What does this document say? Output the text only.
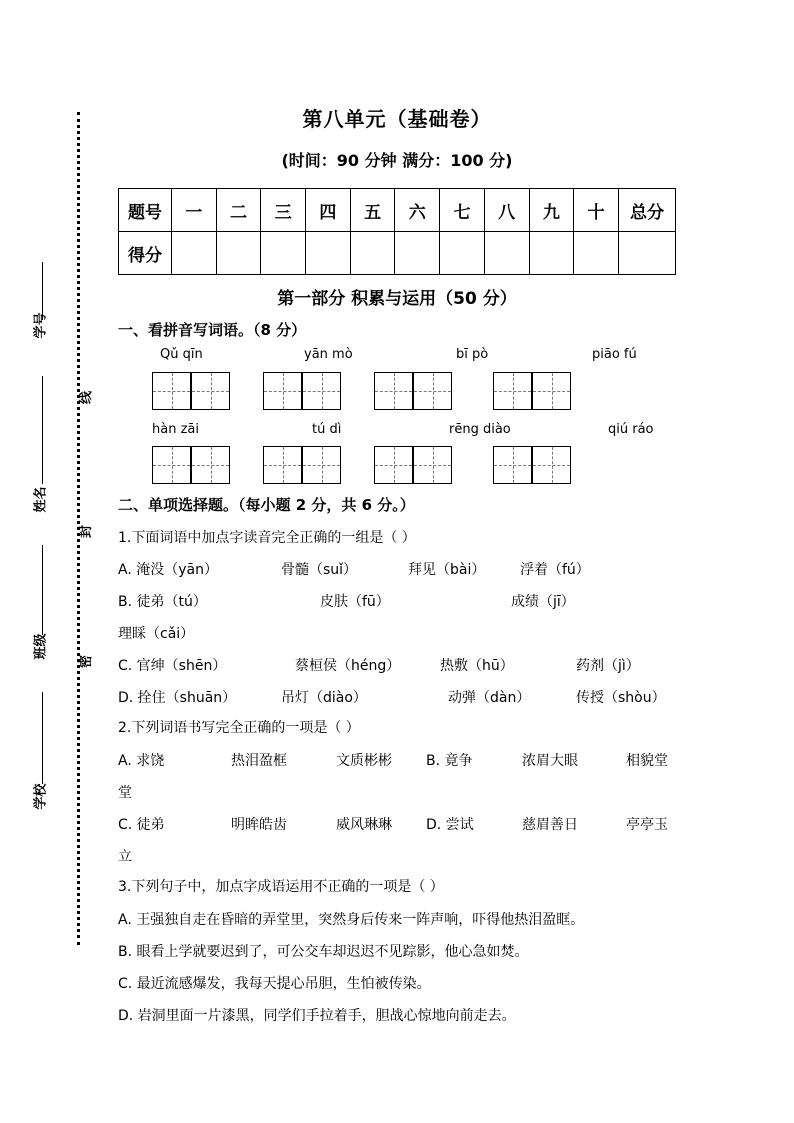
学号
姓名
班级
学校
线
封
密
第八单元（基础卷）
(时间：90 分钟 满分：100 分)
题号	一	二	三	四	五	六	七	八	九	十	总分
得分											
第一部分 积累与运用（50 分）
一、看拼音写词语。（8 分）
Qǔ qīn	yān mò	bī pò	piāo fú
hàn zāi	tú dì	rēng diào	qiú ráo
二、单项选择题。（每小题 2 分，共 6 分。）
1.下面词语中加点字读音完全正确的一组是（ ）
A. 淹没（yān）	骨髓（suǐ）	拜见（bài） 浮着（fú）
B. 徒弟（tú）	皮肤（fū）	成绩（jī）
理睬（cǎi）
C. 官绅（shēn）	蔡桓侯（héng）	热敷（hū）	药剂（jì）
D. 拴住（shuān）	吊灯（diào）	动弹（dàn）	传授（shòu）
2.下列词语书写完全正确的一项是（ ）
A. 求饶	热泪盈框	文质彬彬 B. 竟争	浓眉大眼	相貌堂
堂
C. 徒弟	明眸皓齿	威风琳琳 D. 尝试	慈眉善日	亭亭玉
立
3.下列句子中，加点字成语运用不正确的一项是（ ）
A. 王强独自走在昏暗的弄堂里，突然身后传来一阵声响，吓得他热泪盈眶。
B. 眼看上学就要迟到了，可公交车却迟迟不见踪影，他心急如焚。
C. 最近流感爆发，我每天提心吊胆，生怕被传染。
D. 岩洞里面一片漆黑，同学们手拉着手，胆战心惊地向前走去。
